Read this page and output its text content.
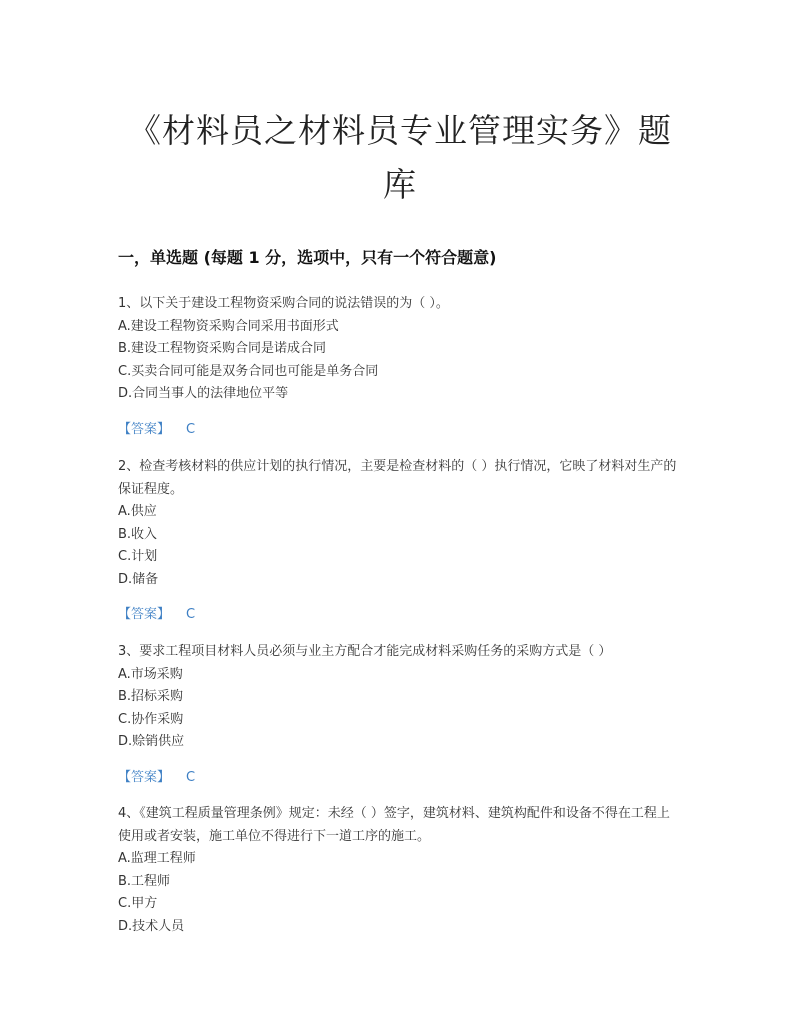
《材料员之材料员专业管理实务》题
库
一，单选题 (每题 1 分，选项中，只有一个符合题意)

1、以下关于建设工程物资采购合同的说法错误的为（ ）。

A.建设工程物资采购合同采用书面形式

B.建设工程物资采购合同是诺成合同

C.买卖合同可能是双务合同也可能是单务合同

D.合同当事人的法律地位平等

【答案】 C

2、检查考核材料的供应计划的执行情况，主要是检查材料的（ ）执行情况，它映了材料对生产的保证程度。

A.供应

B.收入

C.计划

D.储备

【答案】 C

3、要求工程项目材料人员必须与业主方配合才能完成材料采购任务的采购方式是（ ）

A.市场采购

B.招标采购

C.协作采购

D.赊销供应

【答案】 C

4、《建筑工程质量管理条例》规定：未经（ ）签字，建筑材料、建筑构配件和设备不得在工程上使用或者安装，施工单位不得进行下一道工序的施工。

A.监理工程师

B.工程师

C.甲方

D.技术人员
